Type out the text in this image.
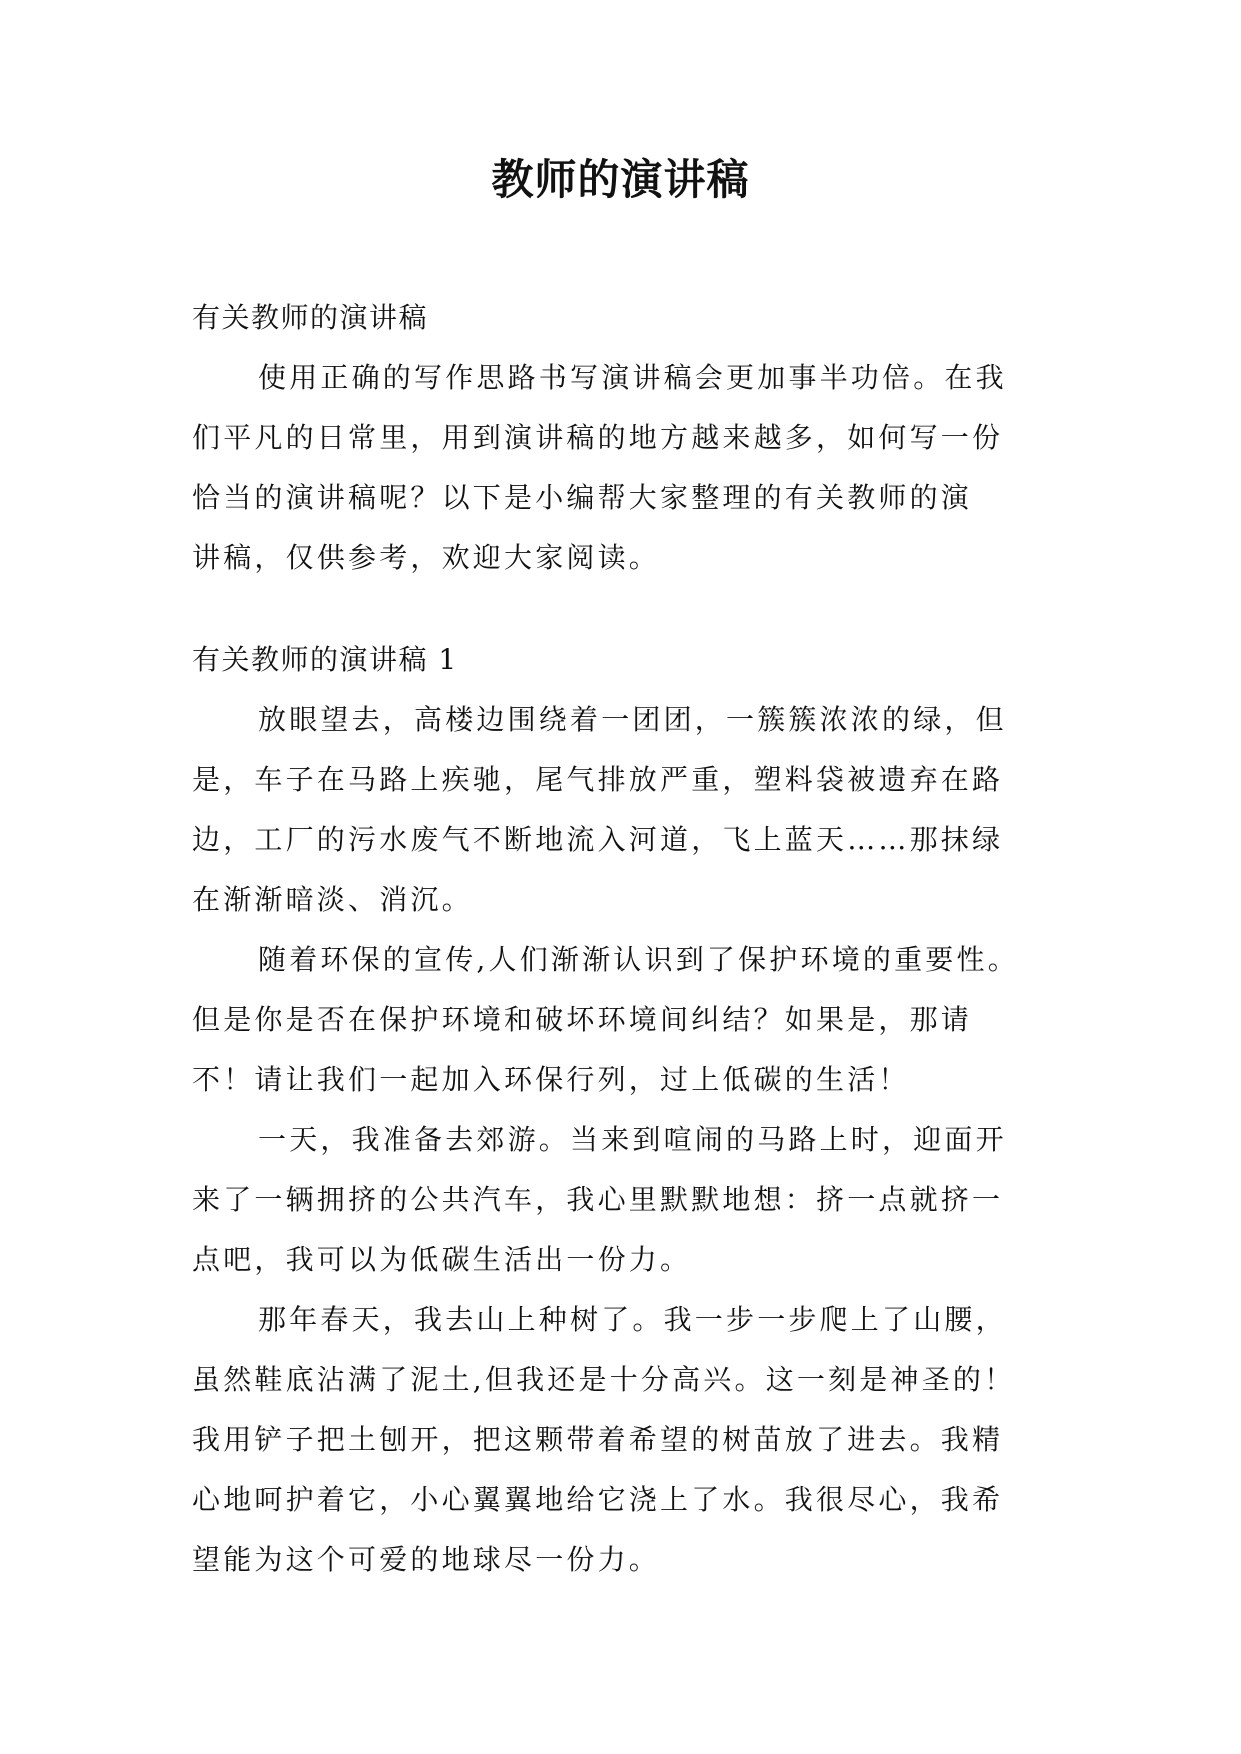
教师的演讲稿
有关教师的演讲稿
使用正确的写作思路书写演讲稿会更加事半功倍。在我
们平凡的日常里，用到演讲稿的地方越来越多，如何写一份
恰当的演讲稿呢？以下是小编帮大家整理的有关教师的演
讲稿，仅供参考，欢迎大家阅读。
有关教师的演讲稿 1
放眼望去，高楼边围绕着一团团，一簇簇浓浓的绿，但
是，车子在马路上疾驰，尾气排放严重，塑料袋被遗弃在路
边，工厂的污水废气不断地流入河道，飞上蓝天……那抹绿
在渐渐暗淡、消沉。
随着环保的宣传,人们渐渐认识到了保护环境的重要性。
但是你是否在保护环境和破坏环境间纠结？如果是，那请
不！请让我们一起加入环保行列，过上低碳的生活！
一天，我准备去郊游。当来到喧闹的马路上时，迎面开
来了一辆拥挤的公共汽车，我心里默默地想：挤一点就挤一
点吧，我可以为低碳生活出一份力。
那年春天，我去山上种树了。我一步一步爬上了山腰，
虽然鞋底沾满了泥土,但我还是十分高兴。这一刻是神圣的！
我用铲子把土刨开，把这颗带着希望的树苗放了进去。我精
心地呵护着它，小心翼翼地给它浇上了水。我很尽心，我希
望能为这个可爱的地球尽一份力。
